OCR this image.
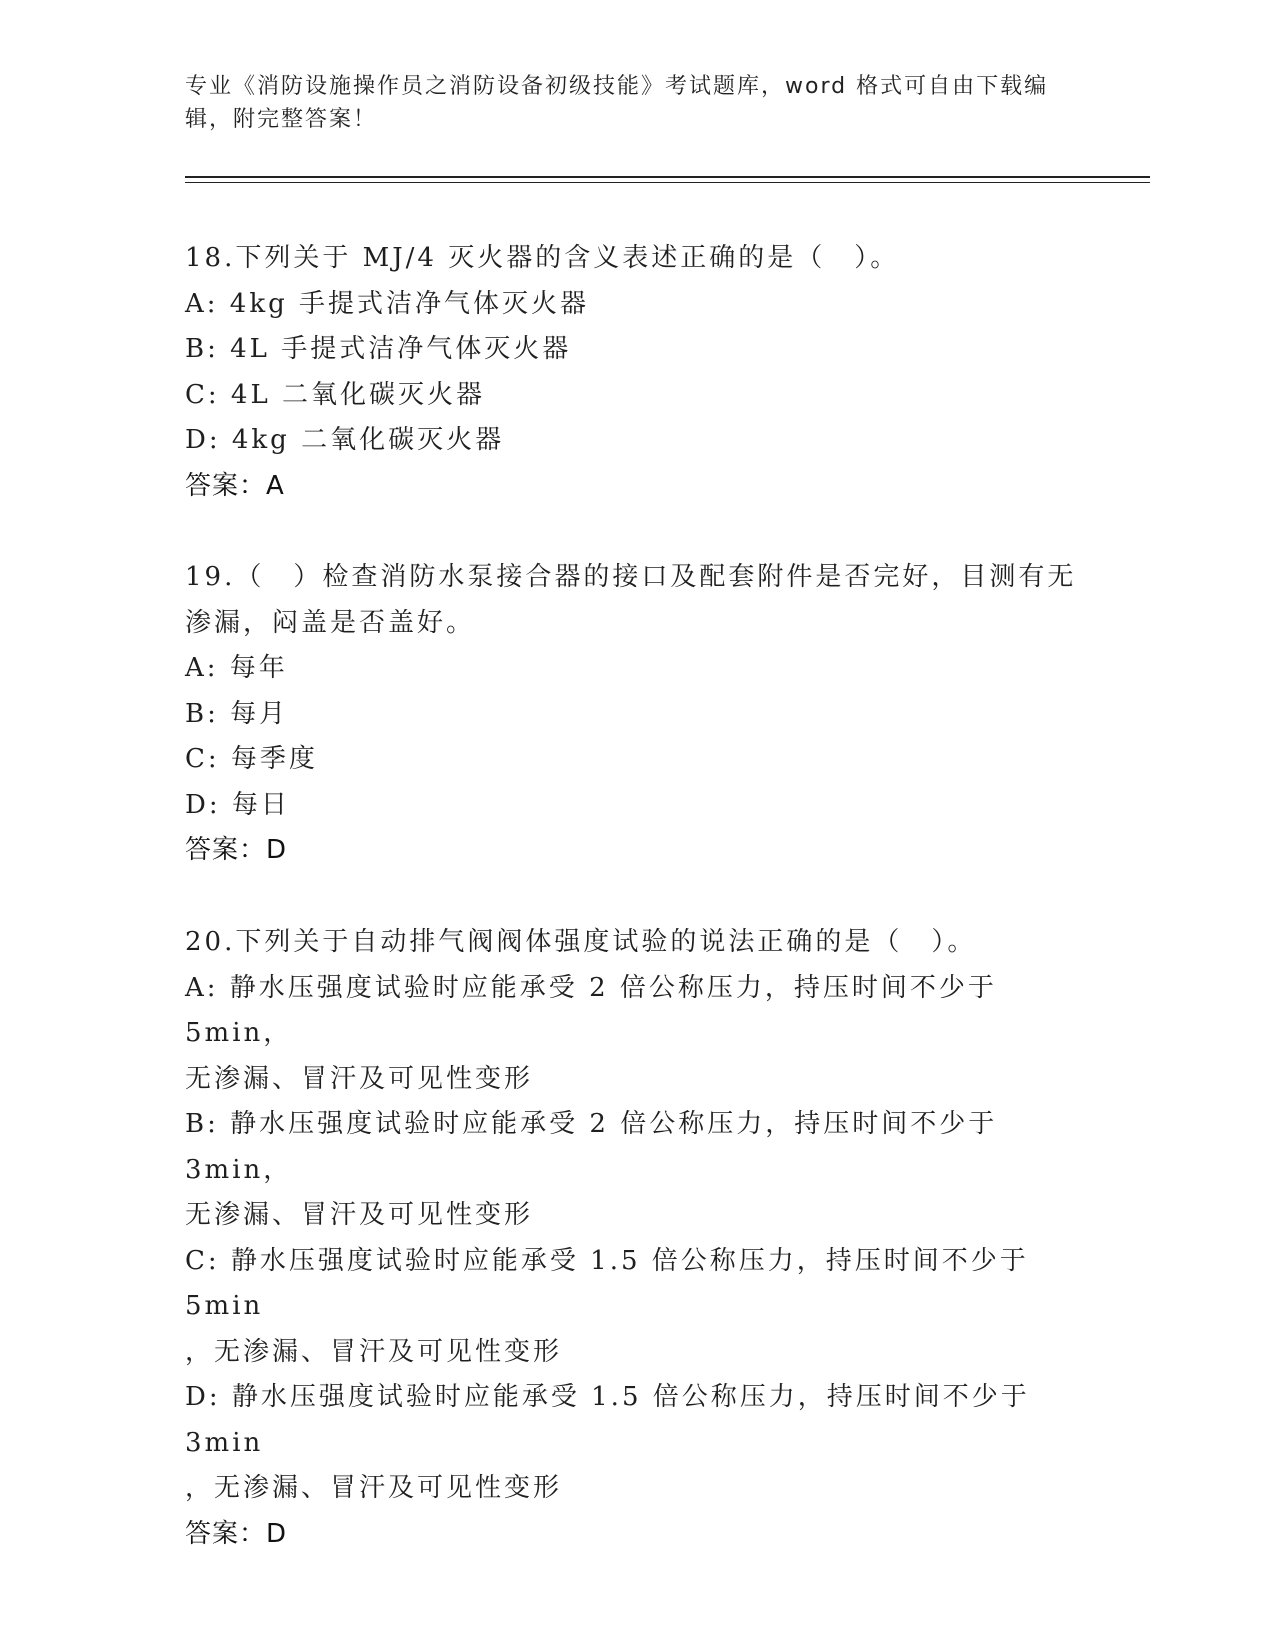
专业《消防设施操作员之消防设备初级技能》考试题库，word 格式可自由下载编
辑，附完整答案！
18.下列关于 MJ/4 灭火器的含义表述正确的是（　）。
A: 4kg 手提式洁净气体灭火器
B: 4L 手提式洁净气体灭火器
C: 4L 二氧化碳灭火器
D: 4kg 二氧化碳灭火器
答案：A
19.（　）检查消防水泵接合器的接口及配套附件是否完好，目测有无
渗漏，闷盖是否盖好。
A: 每年
B: 每月
C: 每季度
D: 每日
答案：D
20.下列关于自动排气阀阀体强度试验的说法正确的是（　）。
A: 静水压强度试验时应能承受 2 倍公称压力，持压时间不少于 5min，
无渗漏、冒汗及可见性变形
B: 静水压强度试验时应能承受 2 倍公称压力，持压时间不少于 3min，
无渗漏、冒汗及可见性变形
C: 静水压强度试验时应能承受 1.5 倍公称压力，持压时间不少于 5min
，无渗漏、冒汗及可见性变形
D: 静水压强度试验时应能承受 1.5 倍公称压力，持压时间不少于 3min
，无渗漏、冒汗及可见性变形
答案：D
